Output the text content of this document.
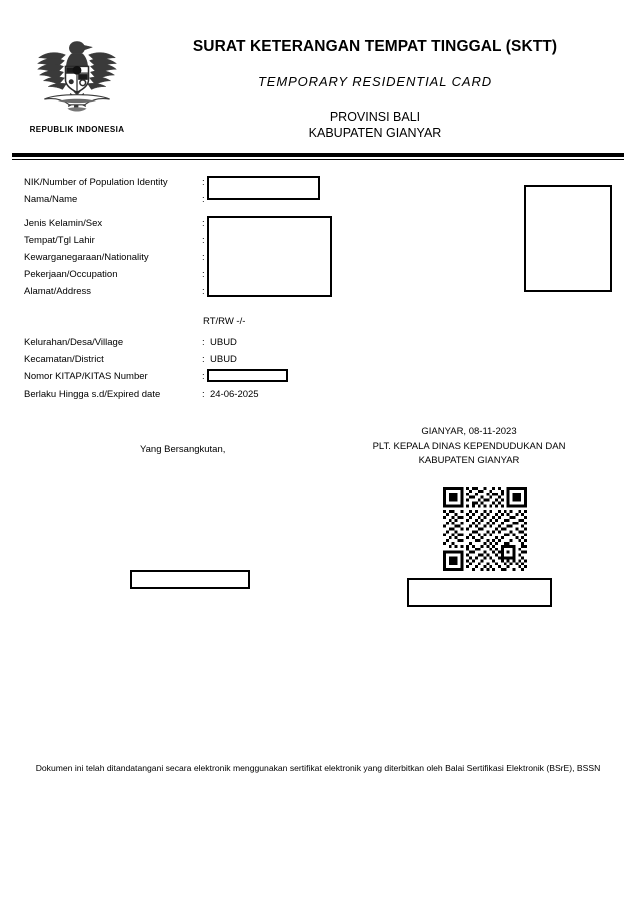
REPUBLIK INDONESIA
SURAT KETERANGAN TEMPAT TINGGAL (SKTT)
TEMPORARY RESIDENTIAL CARD
PROVINSI BALI
KABUPATEN GIANYAR
NIK/Number of Population Identity	:
Nama/Name	:
Jenis Kelamin/Sex	:
Tempat/Tgl Lahir	:
Kewarganegaraan/Nationality	:
Pekerjaan/Occupation	:
Alamat/Address	:
RT/RW -/-
Kelurahan/Desa/Village	: UBUD
Kecamatan/District	: UBUD
Nomor KITAP/KITAS Number	:
Berlaku Hingga s.d/Expired date	: 24-06-2025
Yang Bersangkutan,
GIANYAR, 08-11-2023
PLT. KEPALA DINAS KEPENDUDUKAN DAN
KABUPATEN GIANYAR
Dokumen ini telah ditandatangani secara elektronik menggunakan sertifikat elektronik yang diterbitkan oleh Balai Sertifikasi Elektronik (BSrE), BSSN
